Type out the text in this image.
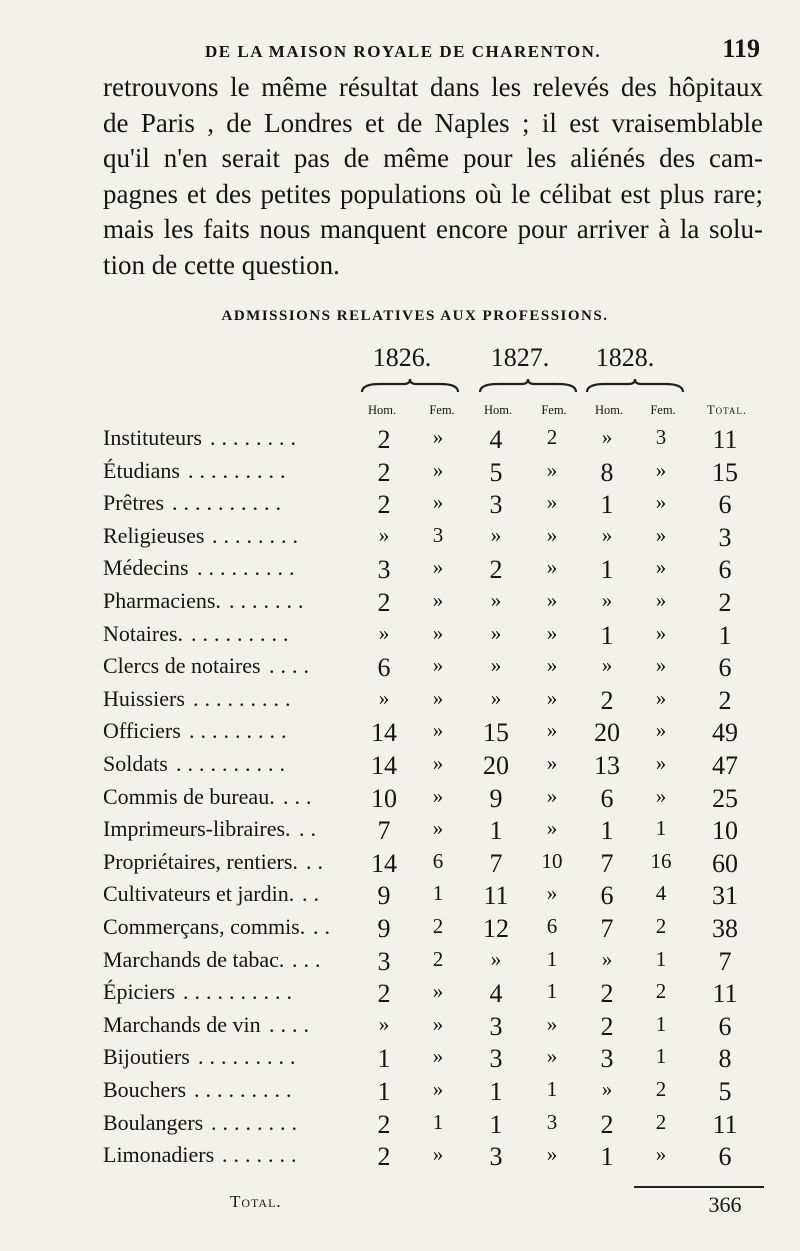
DE LA MAISON ROYALE DE CHARENTON.	119

retrouvons le même résultat dans les relevés des hôpitaux
de Paris , de Londres et de Naples ; il est vraisemblable
qu'il n'en serait pas de même pour les aliénés des cam-
pagnes et des petites populations où le célibat est plus rare;
mais les faits nous manquent encore pour arriver à la solu-
tion de cette question.

ADMISSIONS RELATIVES AUX PROFESSIONS.
1826.	1827.	1828.
Hom.	Fem.	Hom.	Fem.	Hom.	Fem.	Total.
Instituteurs ........	2	»	4	2	»	3	11
Étudians .........	2	»	5	»	8	»	15
Prêtres ..........	2	»	3	»	1	»	6
Religieuses ........	»	3	»	»	»	»	3
Médecins .........	3	»	2	»	1	»	6
Pharmaciens. .......	2	»	»	»	»	»	2
Notaires. .........	»	»	»	»	1	»	1
Clercs de notaires ....	6	»	»	»	»	»	6
Huissiers .........	»	»	»	»	2	»	2
Officiers .........	14	»	15	»	20	»	49
Soldats ..........	14	»	20	»	13	»	47
Commis de bureau. ...	10	»	9	»	6	»	25
Imprimeurs-libraires. ..	7	»	1	»	1	1	10
Propriétaires, rentiers. ..	14	6	7	10	7	16	60
Cultivateurs et jardin. ..	9	1	11	»	6	4	31
Commerçans, commis. ..	9	2	12	6	7	2	38
Marchands de tabac. ...	3	2	»	1	»	1	7
Épiciers ..........	2	»	4	1	2	2	11
Marchands de vin ....	»	»	3	»	2	1	6
Bijoutiers .........	1	»	3	»	3	1	8
Bouchers .........	1	»	1	1	»	2	5
Boulangers ........	2	1	1	3	2	2	11
Limonadiers .......	2	»	3	»	1	»	6
Total.	366
